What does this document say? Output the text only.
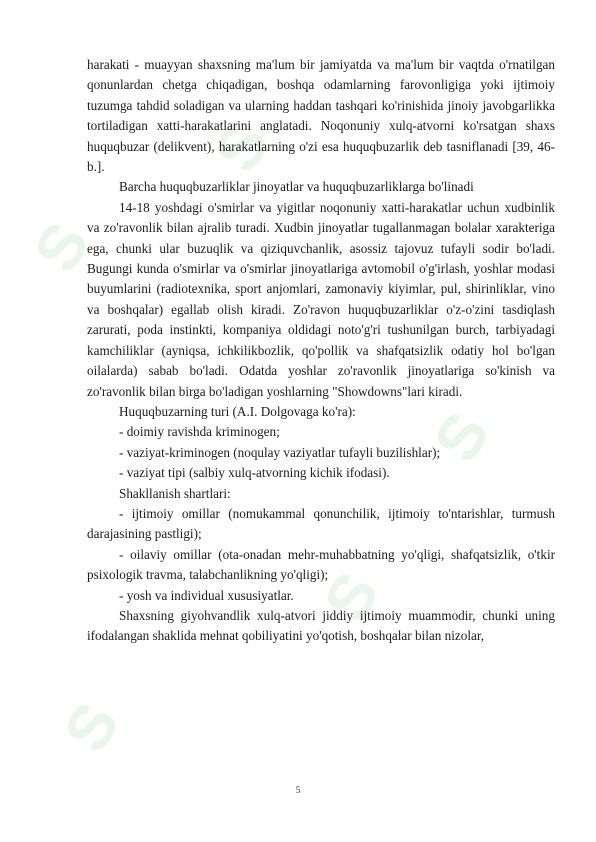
S
S
S
S
S

harakati - muayyan shaxsning ma'lum bir jamiyatda va ma'lum bir vaqtda o'rnatilgan qonunlardan chetga chiqadigan, boshqa odamlarning farovonligiga yoki ijtimoiy tuzumga tahdid soladigan va ularning haddan tashqari ko'rinishida jinoiy javobgarlikka tortiladigan xatti-harakatlarini anglatadi. Noqonuniy xulq-atvorni ko'rsatgan shaxs huquqbuzar (delikvent), harakatlarning o'zi esa huquqbuzarlik deb tasniflanadi [39, 46-b.].

Barcha huquqbuzarliklar jinoyatlar va huquqbuzarliklarga bo'linadi

14-18 yoshdagi o'smirlar va yigitlar noqonuniy xatti-harakatlar uchun xudbinlik va zo'ravonlik bilan ajralib turadi. Xudbin jinoyatlar tugallanmagan bolalar xarakteriga ega, chunki ular buzuqlik va qiziquvchanlik, asossiz tajovuz tufayli sodir bo'ladi. Bugungi kunda o'smirlar va o'smirlar jinoyatlariga avtomobil o'g'irlash, yoshlar modasi buyumlarini (radiotexnika, sport anjomlari, zamonaviy kiyimlar, pul, shirinliklar, vino va boshqalar) egallab olish kiradi. Zo'ravon huquqbuzarliklar o'z-o'zini tasdiqlash zarurati, poda instinkti, kompaniya oldidagi noto'g'ri tushunilgan burch, tarbiyadagi kamchiliklar (ayniqsa, ichkilikbozlik, qo'pollik va shafqatsizlik odatiy hol bo'lgan oilalarda) sabab bo'ladi. Odatda yoshlar zo'ravonlik jinoyatlariga so'kinish va zo'ravonlik bilan birga bo'ladigan yoshlarning "Showdowns"lari kiradi.

Huquqbuzarning turi (A.I. Dolgovaga ko'ra):

- doimiy ravishda kriminogen;

- vaziyat-kriminogen (noqulay vaziyatlar tufayli buzilishlar);

- vaziyat tipi (salbiy xulq-atvorning kichik ifodasi).

Shakllanish shartlari:

- ijtimoiy omillar (nomukammal qonunchilik, ijtimoiy to'ntarishlar, turmush darajasining pastligi);

- oilaviy omillar (ota-onadan mehr-muhabbatning yo'qligi, shafqatsizlik, o'tkir psixologik travma, talabchanlikning yo'qligi);

- yosh va individual xususiyatlar.

Shaxsning giyohvandlik xulq-atvori jiddiy ijtimoiy muammodir, chunki uning ifodalangan shaklida mehnat qobiliyatini yo'qotish, boshqalar bilan nizolar,

5
